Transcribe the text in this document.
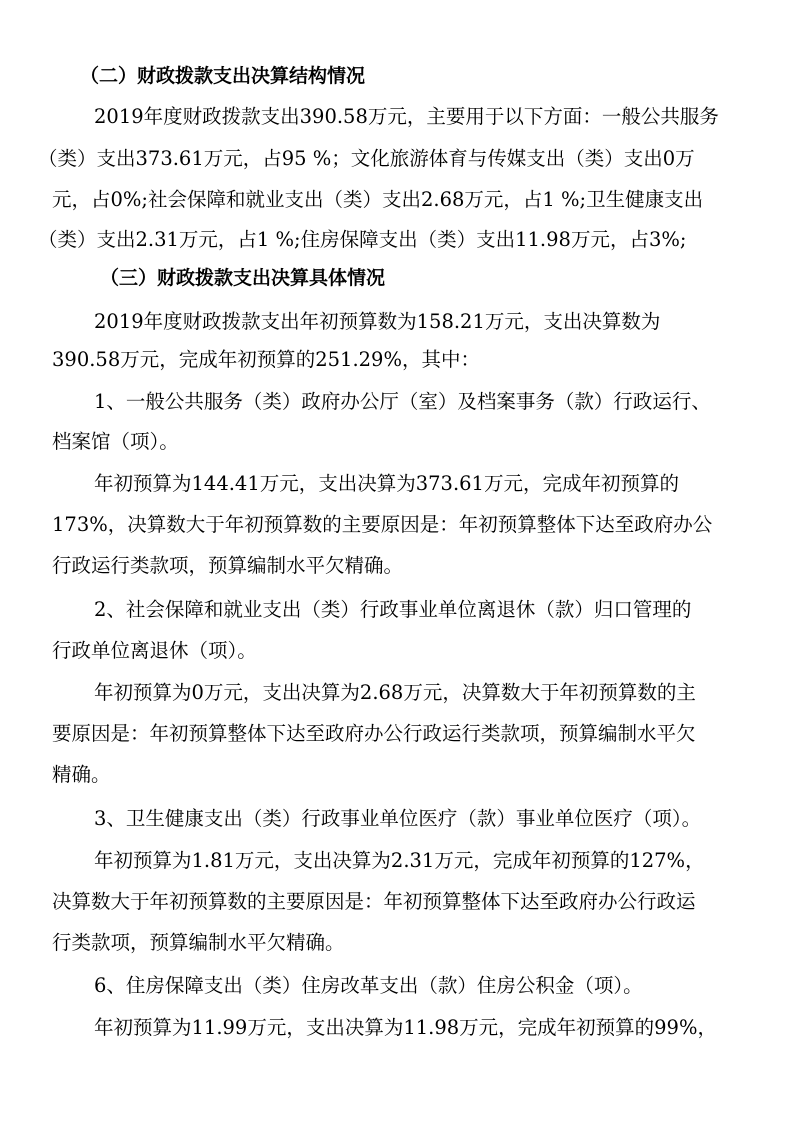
（二）财政拨款支出决算结构情况
2019年度财政拨款支出390.58万元，主要用于以下方面：一般公共服务
（类）支出373.61万元，占95 %；文化旅游体育与传媒支出（类）支出0万
元，占0%;社会保障和就业支出（类）支出2.68万元，占1 %;卫生健康支出
（类）支出2.31万元，占1 %;住房保障支出（类）支出11.98万元，占3%;
（三）财政拨款支出决算具体情况
2019年度财政拨款支出年初预算数为158.21万元，支出决算数为
390.58万元，完成年初预算的251.29%，其中：
1、一般公共服务（类）政府办公厅（室）及档案事务（款）行政运行、
档案馆（项）。
年初预算为144.41万元，支出决算为373.61万元，完成年初预算的
173%，决算数大于年初预算数的主要原因是：年初预算整体下达至政府办公
行政运行类款项，预算编制水平欠精确。
2、社会保障和就业支出（类）行政事业单位离退休（款）归口管理的
行政单位离退休（项）。
年初预算为0万元，支出决算为2.68万元，决算数大于年初预算数的主
要原因是：年初预算整体下达至政府办公行政运行类款项，预算编制水平欠
精确。
3、卫生健康支出（类）行政事业单位医疗（款）事业单位医疗（项）。
年初预算为1.81万元，支出决算为2.31万元，完成年初预算的127%，
决算数大于年初预算数的主要原因是：年初预算整体下达至政府办公行政运
行类款项，预算编制水平欠精确。
6、住房保障支出（类）住房改革支出（款）住房公积金（项）。
年初预算为11.99万元，支出决算为11.98万元，完成年初预算的99%，
